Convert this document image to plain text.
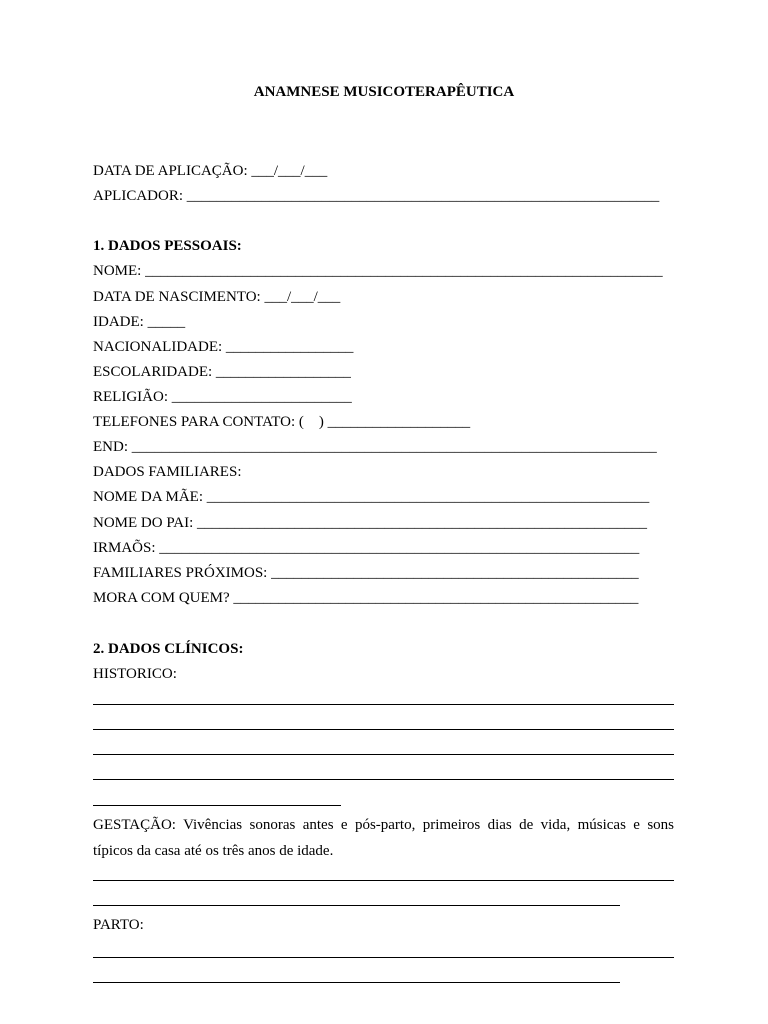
ANAMNESE MUSICOTERAPÊUTICA
DATA DE APLICAÇÃO: ___/___/___
APLICADOR: _______________________________________________________________
1. DADOS PESSOAIS:
NOME: _____________________________________________________________________
DATA DE NASCIMENTO: ___/___/___
IDADE: _____
NACIONALIDADE: _________________
ESCOLARIDADE: __________________
RELIGIÃO: ________________________
TELEFONES PARA CONTATO: (    ) ___________________
END: ______________________________________________________________________
DADOS FAMILIARES:
NOME DA MÃE: ___________________________________________________________
NOME DO PAI: ____________________________________________________________
IRMAÕS: ________________________________________________________________
FAMILIARES PRÓXIMOS: _________________________________________________
MORA COM QUEM? ______________________________________________________
2. DADOS CLÍNICOS:
HISTORICO:
GESTAÇÃO: Vivências sonoras antes e pós-parto, primeiros dias de vida, músicas e sons típicos da casa até os três anos de idade.
PARTO:
